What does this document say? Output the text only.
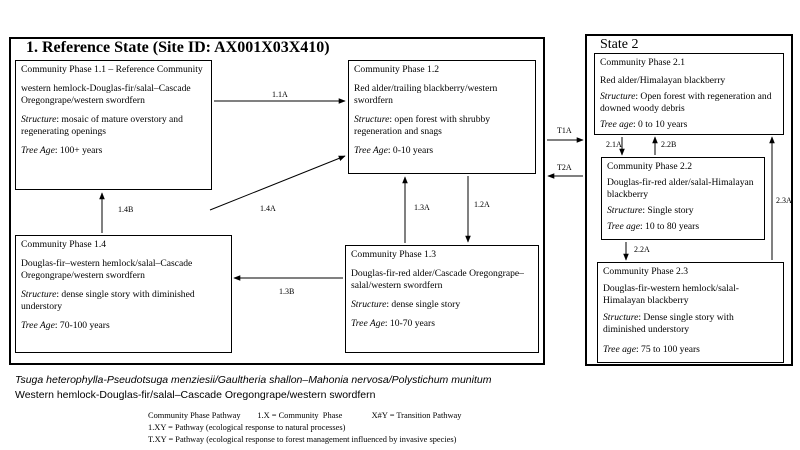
1. Reference State (Site ID: AX001X03X410)	State 2

Community Phase 1.1 – Reference Community

western hemlock-Douglas-fir/salal–Cascade Oregongrape/western swordfern

Structure: mosaic of mature overstory and regenerating openings

Tree Age: 100+ years

Community Phase 1.2

Red alder/trailing blackberry/western swordfern

Structure: open forest with shrubby regeneration and snags

Tree Age: 0-10 years

Community Phase 1.4

Douglas-fir–western hemlock/salal–Cascade Oregongrape/western swordfern

Structure: dense single story with diminished understory

Tree Age: 70-100 years

Community Phase 1.3

Douglas-fir-red alder/Cascade Oregongrape–salal/western swordfern

Structure: dense single story

Tree Age: 10-70 years

Community Phase 2.1

Red alder/Himalayan blackberry

Structure: Open forest with regeneration and downed woody debris

Tree age: 0 to 10 years

Community Phase 2.2

Douglas-fir-red alder/salal-Himalayan blackberry

Structure: Single story

Tree age: 10 to 80 years

Community Phase 2.3

Douglas-fir-western hemlock/salal-Himalayan blackberry

Structure: Dense single story with diminished understory

Tree age: 75 to 100 years

1.1A
1.2A
1.3A
1.3B
1.4A
1.4B
T1A
T2A
2.1A	2.2B
2.2A
2.3A
Tsuga heterophylla-Pseudotsuga menziesii/Gaultheria shallon–Mahonia nervosa/Polystichum munitum
Western hemlock-Douglas-fir/salal–Cascade Oregongrape/western swordfern
Community Phase Pathway        1.X = Community  Phase              X#Y = Transition Pathway
1.XY = Pathway (ecological response to natural processes)
T.XY = Pathway (ecological response to forest management influenced by invasive species)
